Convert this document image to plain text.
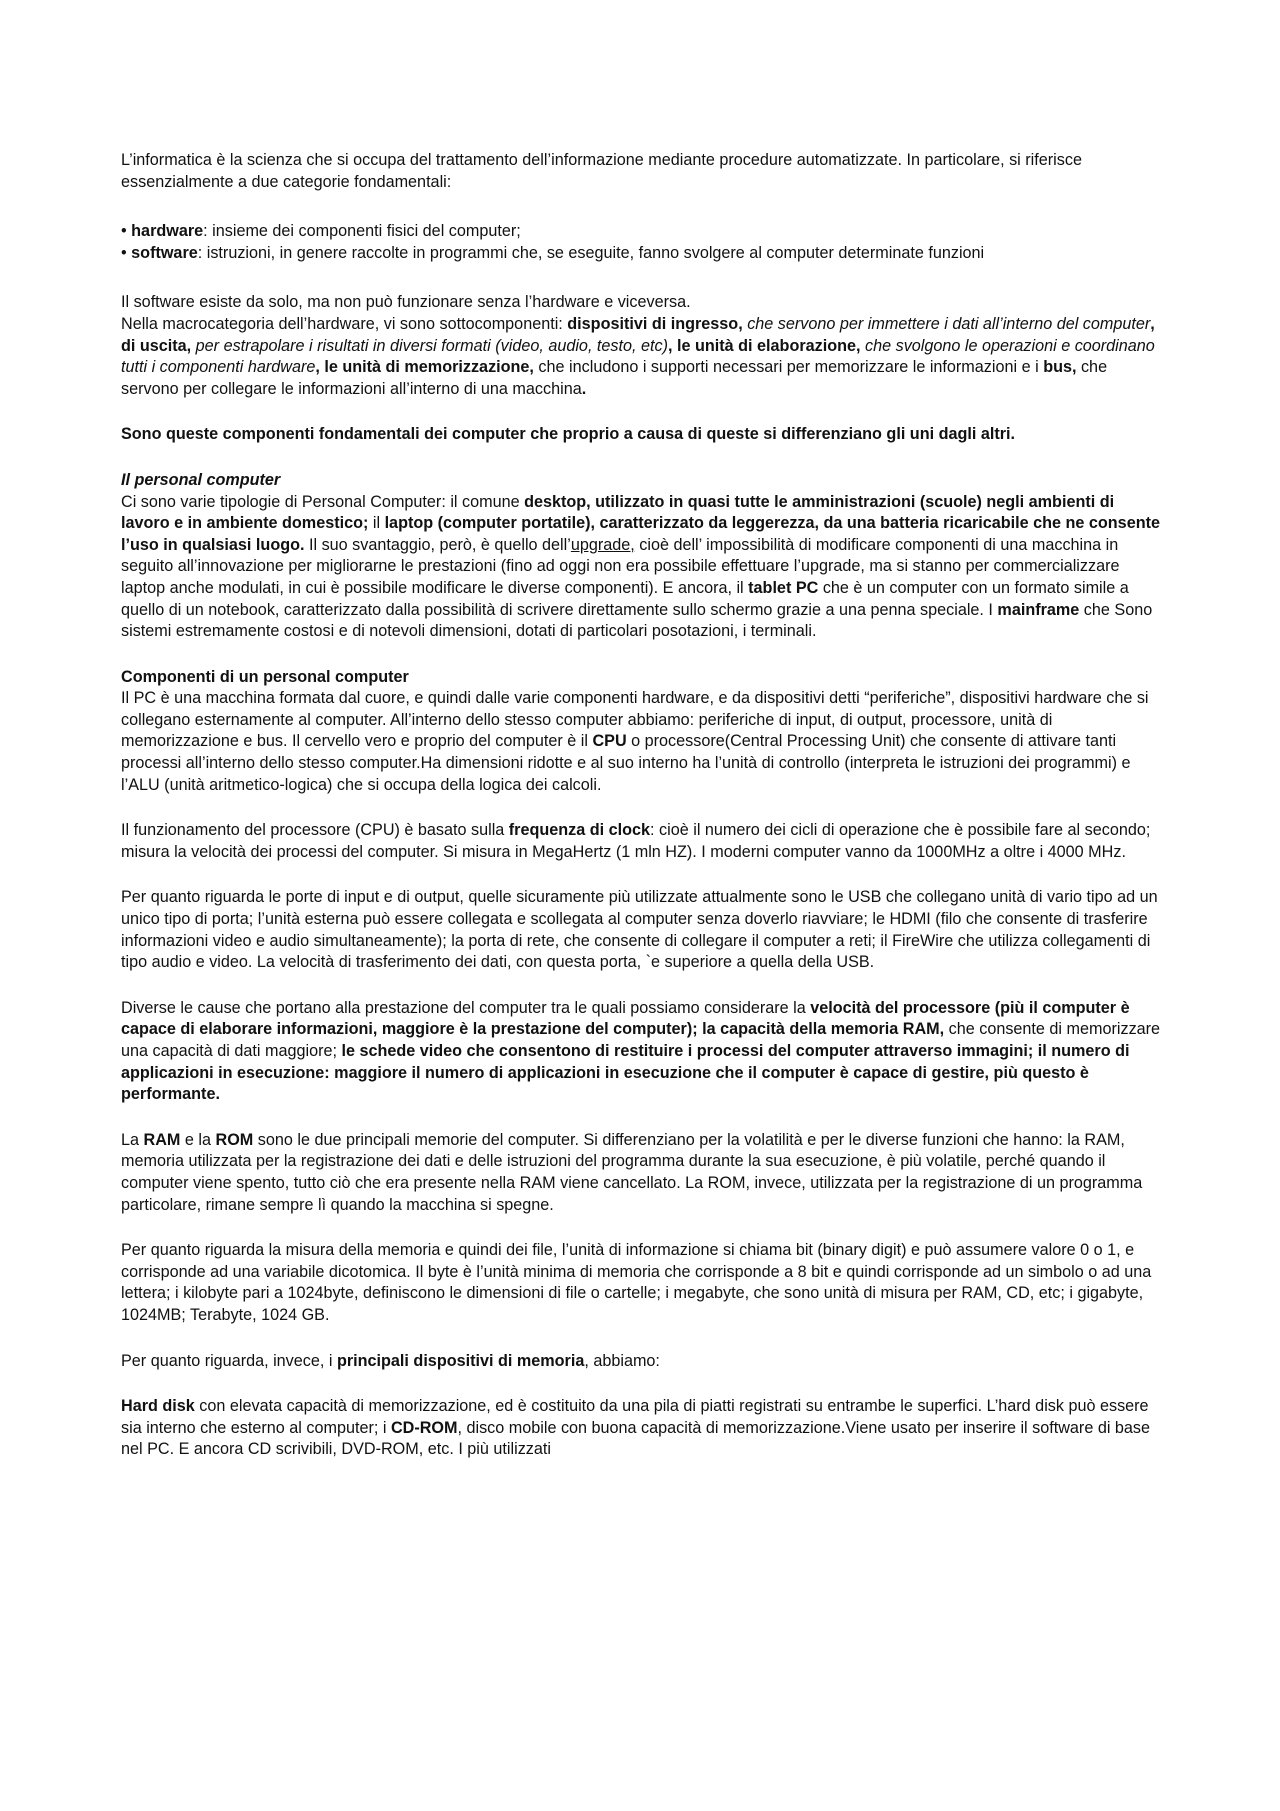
L’informatica è la scienza che si occupa del trattamento dell’informazione mediante procedure automatizzate. In particolare, si riferisce essenzialmente a due categorie fondamentali:

• hardware: insieme dei componenti fisici del computer;

• software: istruzioni, in genere raccolte in programmi che, se eseguite, fanno svolgere al computer determinate funzioni

Il software esiste da solo, ma non può funzionare senza l’hardware e viceversa.

Nella macrocategoria dell’hardware, vi sono sottocomponenti: dispositivi di ingresso, che servono per immettere i dati all’interno del computer, di uscita, per estrapolare i risultati in diversi formati (video, audio, testo, etc), le unità di elaborazione, che svolgono le operazioni e coordinano tutti i componenti hardware, le unità di memorizzazione, che includono i supporti necessari per memorizzare le informazioni e i bus, che servono per collegare le informazioni all’interno di una macchina.

Sono queste componenti fondamentali dei computer che proprio a causa di queste si differenziano gli uni dagli altri.

Il personal computer

Ci sono varie tipologie di Personal Computer: il comune desktop, utilizzato in quasi tutte le amministrazioni (scuole) negli ambienti di lavoro e in ambiente domestico; il laptop (computer portatile), caratterizzato da leggerezza, da una batteria ricaricabile che ne consente l’uso in qualsiasi luogo. Il suo svantaggio, però, è quello dell’upgrade, cioè dell’ impossibilità di modificare componenti di una macchina in seguito all’innovazione per migliorarne le prestazioni (fino ad oggi non era possibile effettuare l’upgrade, ma si stanno per commercializzare laptop anche modulati, in cui è possibile modificare le diverse componenti). E ancora, il tablet PC che è un computer con un formato simile a quello di un notebook, caratterizzato dalla possibilità di scrivere direttamente sullo schermo grazie a una penna speciale. I mainframe che Sono sistemi estremamente costosi e di notevoli dimensioni, dotati di particolari posotazioni, i terminali.

Componenti di un personal computer

Il PC è una macchina formata dal cuore, e quindi dalle varie componenti hardware, e da dispositivi detti “periferiche”, dispositivi hardware che si collegano esternamente al computer. All’interno dello stesso computer abbiamo: periferiche di input, di output, processore, unità di memorizzazione e bus. Il cervello vero e proprio del computer è il CPU o processore(Central Processing Unit) che consente di attivare tanti processi all’interno dello stesso computer.Ha dimensioni ridotte e al suo interno ha l’unità di controllo (interpreta le istruzioni dei programmi) e l’ALU (unità aritmetico-logica) che si occupa della logica dei calcoli.

Il funzionamento del processore (CPU) è basato sulla frequenza di clock: cioè il numero dei cicli di operazione che è possibile fare al secondo; misura la velocità dei processi del computer. Si misura in MegaHertz (1 mln HZ). I moderni computer vanno da 1000MHz a oltre i 4000 MHz.

Per quanto riguarda le porte di input e di output, quelle sicuramente più utilizzate attualmente sono le USB che collegano unità di vario tipo ad un unico tipo di porta; l’unità esterna può essere collegata e scollegata al computer senza doverlo riavviare; le HDMI (filo che consente di trasferire informazioni video e audio simultaneamente); la porta di rete, che consente di collegare il computer a reti; il FireWire che utilizza collegamenti di tipo audio e video. La velocità di trasferimento dei dati, con questa porta, `e superiore a quella della USB.

Diverse le cause che portano alla prestazione del computer tra le quali possiamo considerare la velocità del processore (più il computer è capace di elaborare informazioni, maggiore è la prestazione del computer); la capacità della memoria RAM, che consente di memorizzare una capacità di dati maggiore; le schede video che consentono di restituire i processi del computer attraverso immagini; il numero di applicazioni in esecuzione: maggiore il numero di applicazioni in esecuzione che il computer è capace di gestire, più questo è performante.

La RAM e la ROM sono le due principali memorie del computer. Si differenziano per la volatilità e per le diverse funzioni che hanno: la RAM, memoria utilizzata per la registrazione dei dati e delle istruzioni del programma durante la sua esecuzione, è più volatile, perché quando il computer viene spento, tutto ciò che era presente nella RAM viene cancellato. La ROM, invece, utilizzata per la registrazione di un programma particolare, rimane sempre lì quando la macchina si spegne.

Per quanto riguarda la misura della memoria e quindi dei file, l’unità di informazione si chiama bit (binary digit) e può assumere valore 0 o 1, e corrisponde ad una variabile dicotomica. Il byte è l’unità minima di memoria che corrisponde a 8 bit e quindi corrisponde ad un simbolo o ad una lettera; i kilobyte pari a 1024byte, definiscono le dimensioni di file o cartelle; i megabyte, che sono unità di misura per RAM, CD, etc; i gigabyte, 1024MB; Terabyte, 1024 GB.

Per quanto riguarda, invece, i principali dispositivi di memoria, abbiamo:

Hard disk con elevata capacità di memorizzazione, ed è costituito da una pila di piatti registrati su entrambe le superfici. L’hard disk può essere sia interno che esterno al computer; i CD-ROM, disco mobile con buona capacità di memorizzazione.Viene usato per inserire il software di base nel PC. E ancora CD scrivibili, DVD-ROM, etc. I più utilizzati
